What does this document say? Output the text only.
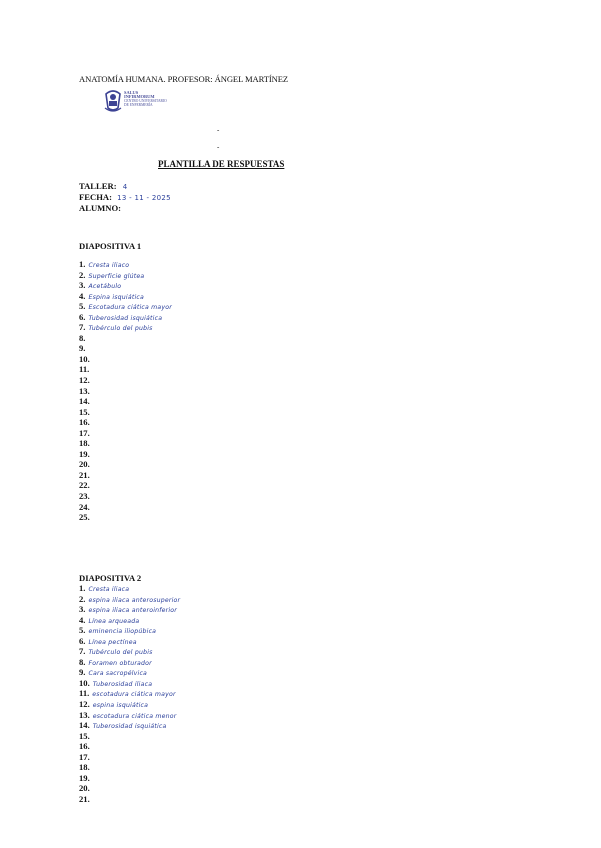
ANATOMÍA HUMANA. PROFESOR: ÁNGEL MARTÍNEZ
SALUS
INFIRMORUM
CENTRO UNIVERSITARIO
DE ENFERMERÍA
-
-
PLANTILLA DE RESPUESTAS
TALLER: 4
FECHA: 13 - 11 - 2025
ALUMNO:
DIAPOSITIVA 1
1. Cresta iliaco
2. Superficie glútea
3. Acetábulo
4. Espina isquiática
5. Escotadura ciática mayor
6. Tuberosidad isquiática
7. Tubérculo del pubis
8.
9.
10.
11.
12.
13.
14.
15.
16.
17.
18.
19.
20.
21.
22.
23.
24.
25.
DIAPOSITIVA 2
1. Cresta iliaca
2. espina iliaca anterosuperior
3. espina iliaca anteroinferior
4. Línea arqueada
5. eminencia iliopúbica
6. Línea pectínea
7. Tubérculo del pubis
8. Foramen obturador
9. Cara sacropélvica
10. Tuberosidad iliaca
11. escotadura ciática mayor
12. espina isquiática
13. escotadura ciática menor
14. Tuberosidad isquiática
15.
16.
17.
18.
19.
20.
21.
